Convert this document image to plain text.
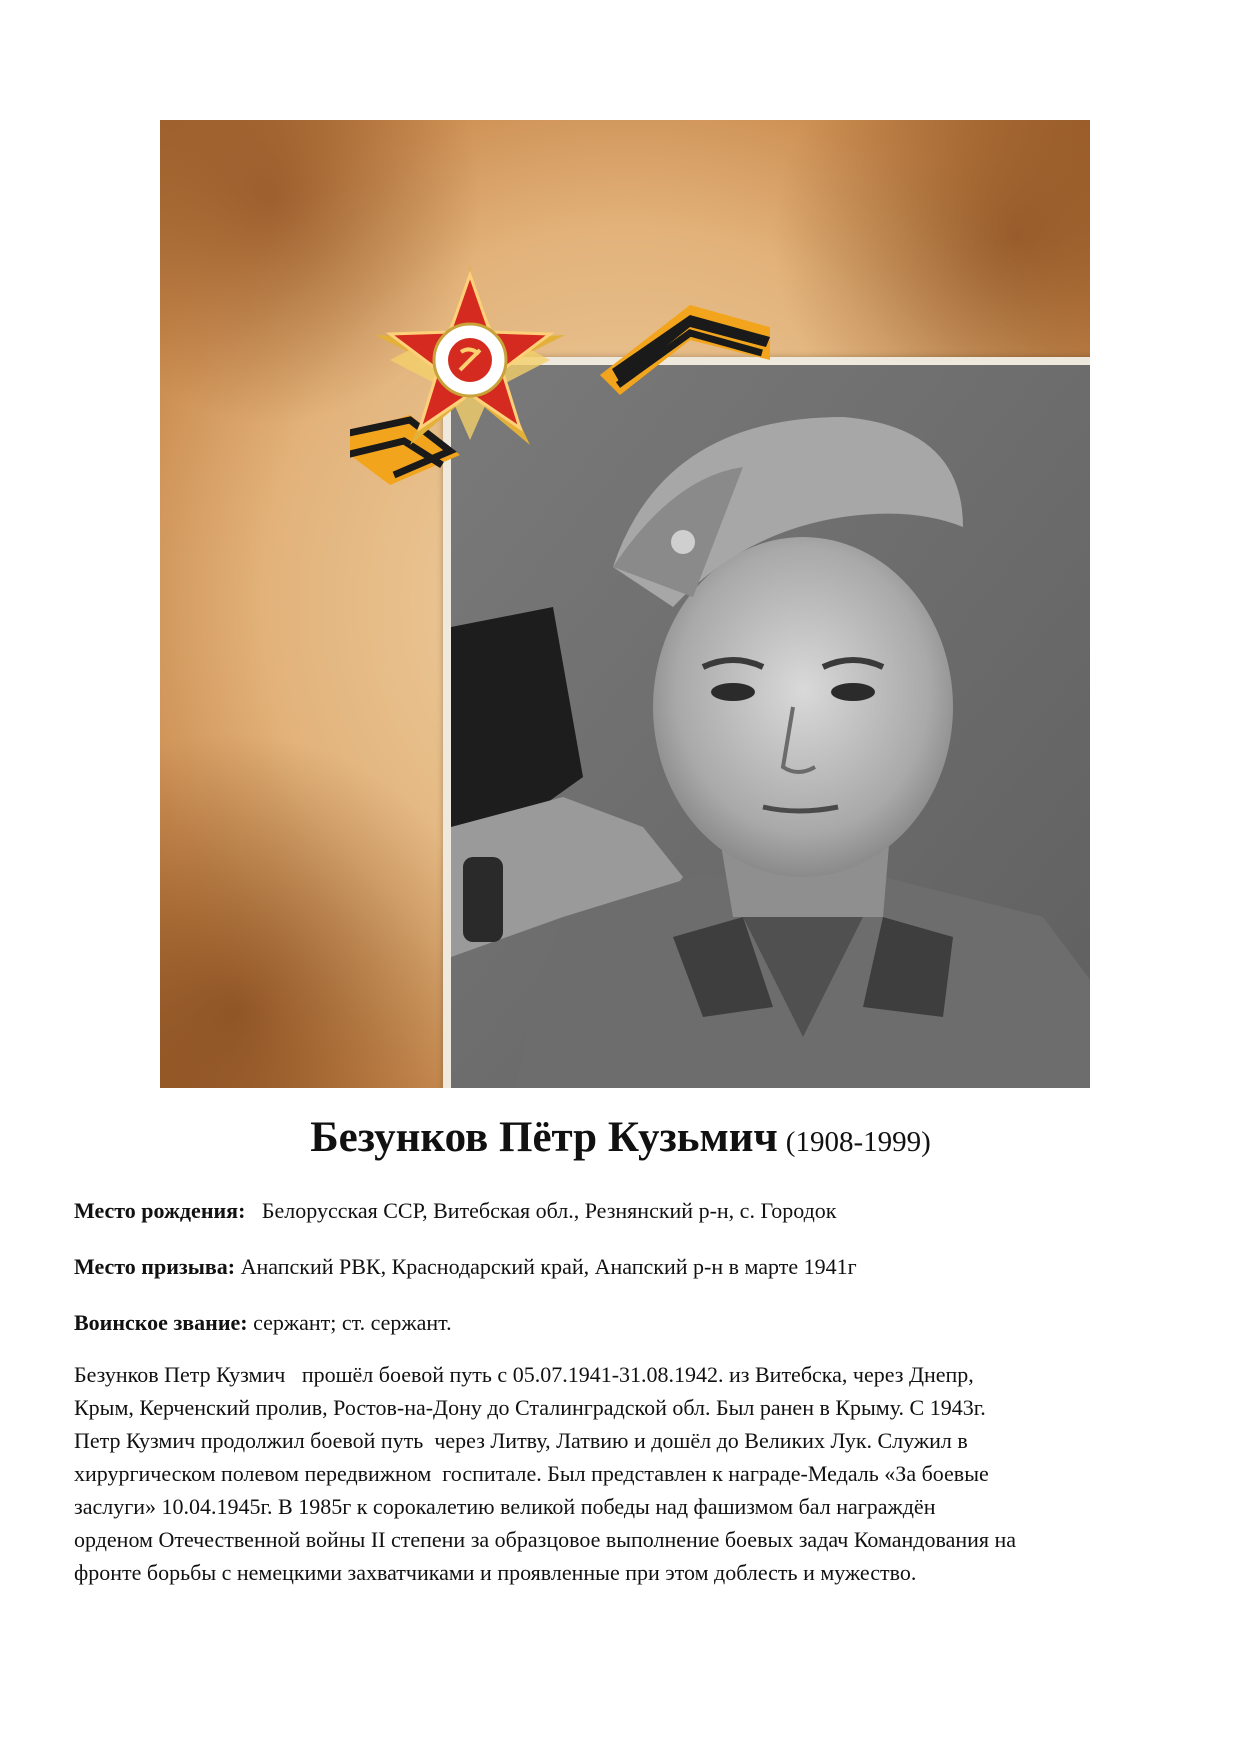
Безунков Пётр Кузьмич (1908-1999)
Место рождения: Белорусская ССР, Витебская обл., Резнянский р-н, с. Городок
Место призыва: Анапский РВК, Краснодарский край, Анапский р-н в марте 1941г
Воинское звание: сержант; ст. сержант.
Безунков Петр Кузмич   прошёл боевой путь с 05.07.1941-31.08.1942. из Витебска, через Днепр,
Крым, Керченский пролив, Ростов-на-Дону до Сталинградской обл. Был ранен в Крыму. С 1943г.
Петр Кузмич продолжил боевой путь  через Литву, Латвию и дошёл до Великих Лук. Служил в
хирургическом полевом передвижном  госпитале. Был представлен к награде-Медаль «За боевые
заслуги» 10.04.1945г. В 1985г к сорокалетию великой победы над фашизмом бал награждён
орденом Отечественной войны II степени за образцовое выполнение боевых задач Командования на
фронте борьбы с немецкими захватчиками и проявленные при этом доблесть и мужество.
